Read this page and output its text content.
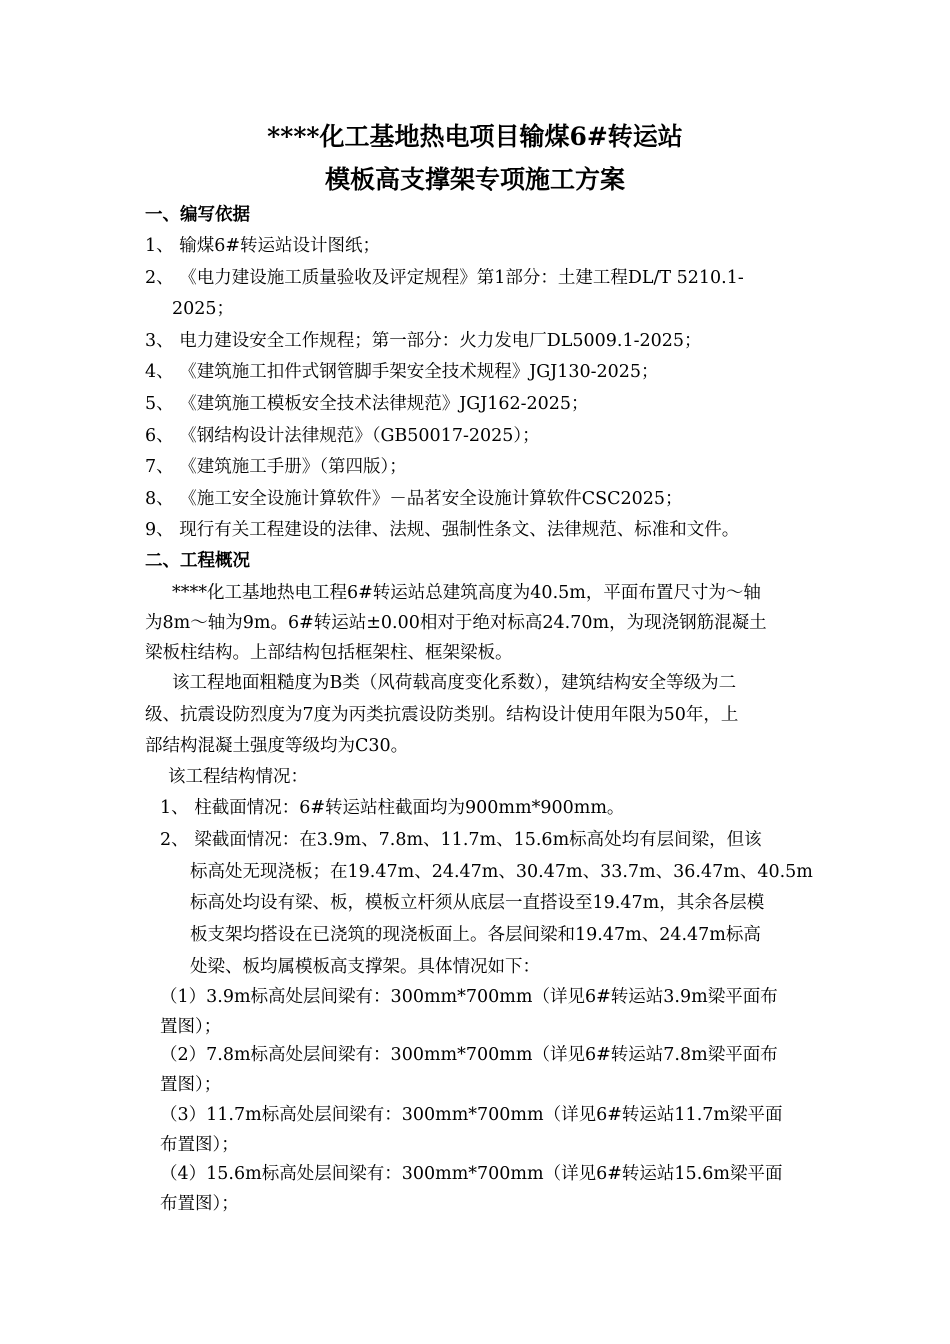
****化工基地热电项目输煤6#转运站
模板高支撑架专项施工方案
一、编写依据
1、 输煤6#转运站设计图纸；
2、 《电力建设施工质量验收及评定规程》第1部分：土建工程DL/T 5210.1-
2025；
3、 电力建设安全工作规程；第一部分：火力发电厂DL5009.1-2025；
4、 《建筑施工扣件式钢管脚手架安全技术规程》JGJ130-2025；
5、 《建筑施工模板安全技术法律规范》JGJ162-2025；
6、 《钢结构设计法律规范》（GB50017-2025）；
7、 《建筑施工手册》（第四版）；
8、 《施工安全设施计算软件》－品茗安全设施计算软件CSC2025；
9、 现行有关工程建设的法律、法规、强制性条文、法律规范、标准和文件。
二、工程概况
****化工基地热电工程6#转运站总建筑高度为40.5m，平面布置尺寸为～轴
为8m～轴为9m。6#转运站±0.00相对于绝对标高24.70m，为现浇钢筋混凝土
梁板柱结构。上部结构包括框架柱、框架梁板。
该工程地面粗糙度为B类（风荷载高度变化系数），建筑结构安全等级为二
级、抗震设防烈度为7度为丙类抗震设防类别。结构设计使用年限为50年，上
部结构混凝土强度等级均为C30。
该工程结构情况：
1、 柱截面情况：6#转运站柱截面均为900mm*900mm。
2、 梁截面情况：在3.9m、7.8m、11.7m、15.6m标高处均有层间梁，但该
标高处无现浇板；在19.47m、24.47m、30.47m、33.7m、36.47m、40.5m
标高处均设有梁、板，模板立杆须从底层一直搭设至19.47m，其余各层模
板支架均搭设在已浇筑的现浇板面上。各层间梁和19.47m、24.47m标高
处梁、板均属模板高支撑架。具体情况如下：
（1）3.9m标高处层间梁有：300mm*700mm（详见6#转运站3.9m梁平面布
置图）；
（2）7.8m标高处层间梁有：300mm*700mm（详见6#转运站7.8m梁平面布
置图）；
（3）11.7m标高处层间梁有：300mm*700mm（详见6#转运站11.7m梁平面
布置图）；
（4）15.6m标高处层间梁有：300mm*700mm（详见6#转运站15.6m梁平面
布置图）；
